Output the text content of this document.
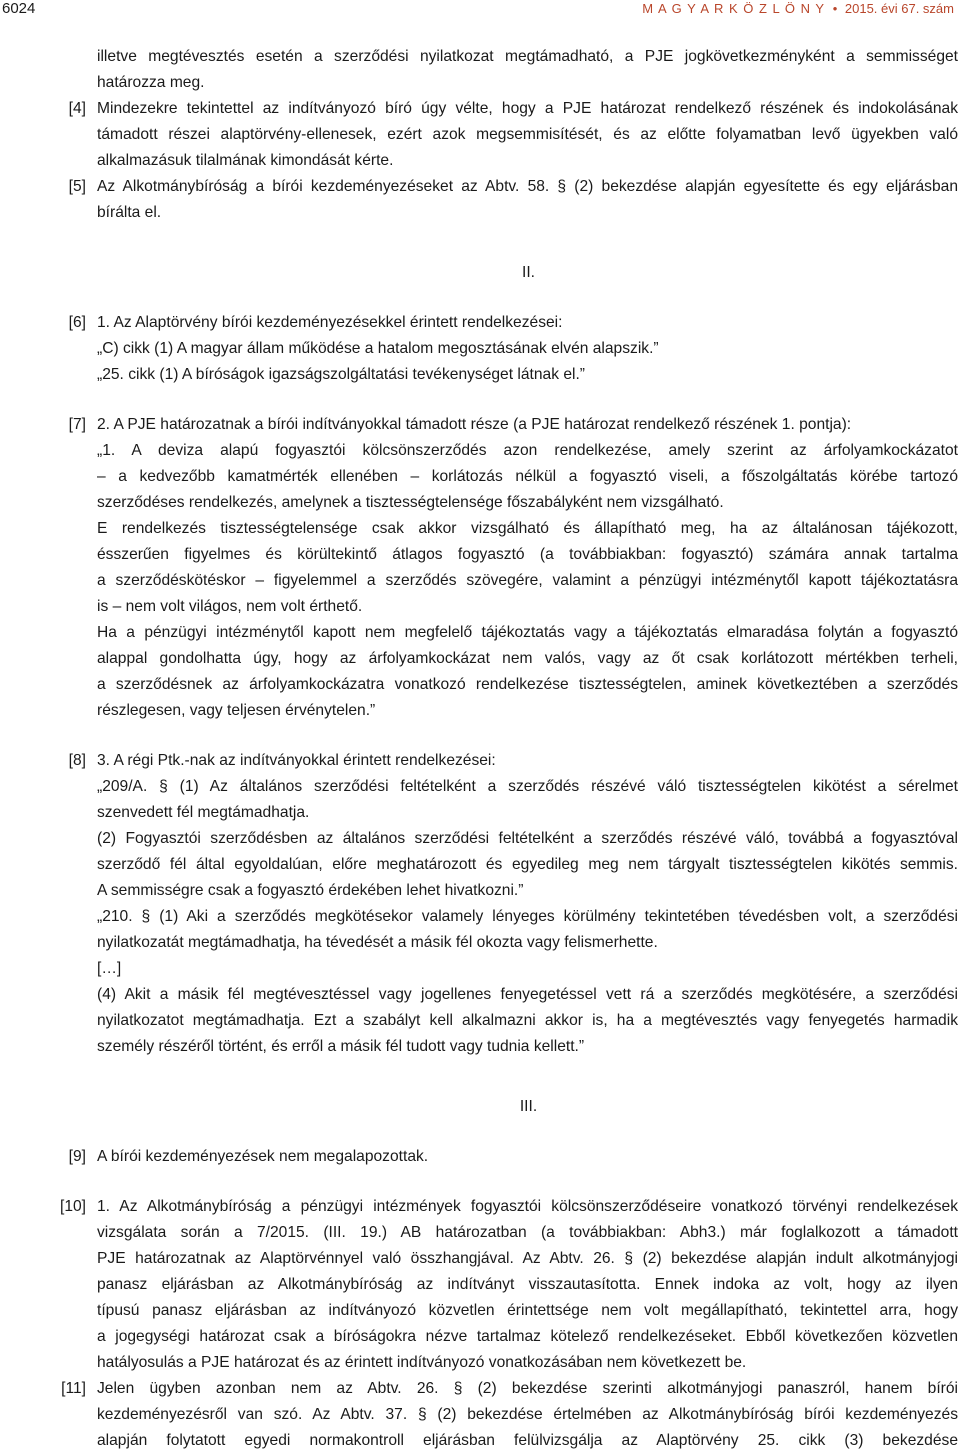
6024	M A G Y A R K Ö Z L Ö N Y • 2015. évi 67. szám
illetve megtévesztés esetén a szerződési nyilatkozat megtámadható, a PJE jogkövetkezményként a semmisséget
határozza meg.
[4] Mindezekre tekintettel az indítványozó bíró úgy vélte, hogy a PJE határozat rendelkező részének és indokolásának
támadott részei alaptörvény-ellenesek, ezért azok megsemmisítését, és az előtte folyamatban levő ügyekben való
alkalmazásuk tilalmának kimondását kérte.
[5] Az Alkotmánybíróság a bírói kezdeményezéseket az Abtv. 58. § (2) bekezdése alapján egyesítette és egy eljárásban
bírálta el.
II.
[6] 1. Az Alaptörvény bírói kezdeményezésekkel érintett rendelkezései:
„C) cikk (1) A magyar állam működése a hatalom megosztásának elvén alapszik.”
„25. cikk (1) A bíróságok igazságszolgáltatási tevékenységet látnak el.”
[7] 2. A PJE határozatnak a bírói indítványokkal támadott része (a PJE határozat rendelkező részének 1. pontja):
„1. A deviza alapú fogyasztói kölcsönszerződés azon rendelkezése, amely szerint az árfolyamkockázatot
– a kedvezőbb kamatmérték ellenében – korlátozás nélkül a fogyasztó viseli, a főszolgáltatás körébe tartozó
szerződéses rendelkezés, amelynek a tisztességtelensége főszabályként nem vizsgálható.
E rendelkezés tisztességtelensége csak akkor vizsgálható és állapítható meg, ha az általánosan tájékozott,
ésszerűen figyelmes és körültekintő átlagos fogyasztó (a továbbiakban: fogyasztó) számára annak tartalma
a szerződéskötéskor – figyelemmel a szerződés szövegére, valamint a pénzügyi intézménytől kapott tájékoztatásra
is – nem volt világos, nem volt érthető.
Ha a pénzügyi intézménytől kapott nem megfelelő tájékoztatás vagy a tájékoztatás elmaradása folytán a fogyasztó
alappal gondolhatta úgy, hogy az árfolyamkockázat nem valós, vagy az őt csak korlátozott mértékben terheli,
a szerződésnek az árfolyamkockázatra vonatkozó rendelkezése tisztességtelen, aminek következtében a szerződés
részlegesen, vagy teljesen érvénytelen.”
[8] 3. A régi Ptk.-nak az indítványokkal érintett rendelkezései:
„209/A. § (1) Az általános szerződési feltételként a szerződés részévé váló tisztességtelen kikötést a sérelmet
szenvedett fél megtámadhatja.
(2) Fogyasztói szerződésben az általános szerződési feltételként a szerződés részévé váló, továbbá a fogyasztóval
szerződő fél által egyoldalúan, előre meghatározott és egyedileg meg nem tárgyalt tisztességtelen kikötés semmis.
A semmisségre csak a fogyasztó érdekében lehet hivatkozni.”
„210. § (1) Aki a szerződés megkötésekor valamely lényeges körülmény tekintetében tévedésben volt, a szerződési
nyilatkozatát megtámadhatja, ha tévedését a másik fél okozta vagy felismerhette.
[…]
(4) Akit a másik fél megtévesztéssel vagy jogellenes fenyegetéssel vett rá a szerződés megkötésére, a szerződési
nyilatkozatot megtámadhatja. Ezt a szabályt kell alkalmazni akkor is, ha a megtévesztés vagy fenyegetés harmadik
személy részéről történt, és erről a másik fél tudott vagy tudnia kellett.”
III.
[9] A bírói kezdeményezések nem megalapozottak.
[10] 1. Az Alkotmánybíróság a pénzügyi intézmények fogyasztói kölcsönszerződéseire vonatkozó törvényi rendelkezések
vizsgálata során a 7/2015. (III. 19.) AB határozatban (a továbbiakban: Abh3.) már foglalkozott a támadott
PJE határozatnak az Alaptörvénnyel való összhangjával. Az Abtv. 26. § (2) bekezdése alapján indult alkotmányjogi
panasz eljárásban az Alkotmánybíróság az indítványt visszautasította. Ennek indoka az volt, hogy az ilyen
típusú panasz eljárásban az indítványozó közvetlen érintettsége nem volt megállapítható, tekintettel arra, hogy
a jogegységi határozat csak a bíróságokra nézve tartalmaz kötelező rendelkezéseket. Ebből következően közvetlen
hatályosulás a PJE határozat és az érintett indítványozó vonatkozásában nem következett be.
[11] Jelen ügyben azonban nem az Abtv. 26. § (2) bekezdése szerinti alkotmányjogi panaszról, hanem bírói
kezdeményezésről van szó. Az Abtv. 37. § (2) bekezdése értelmében az Alkotmánybíróság bírói kezdeményezés
alapján folytatott egyedi normakontroll eljárásban felülvizsgálja az Alaptörvény 25. cikk (3) bekezdése
